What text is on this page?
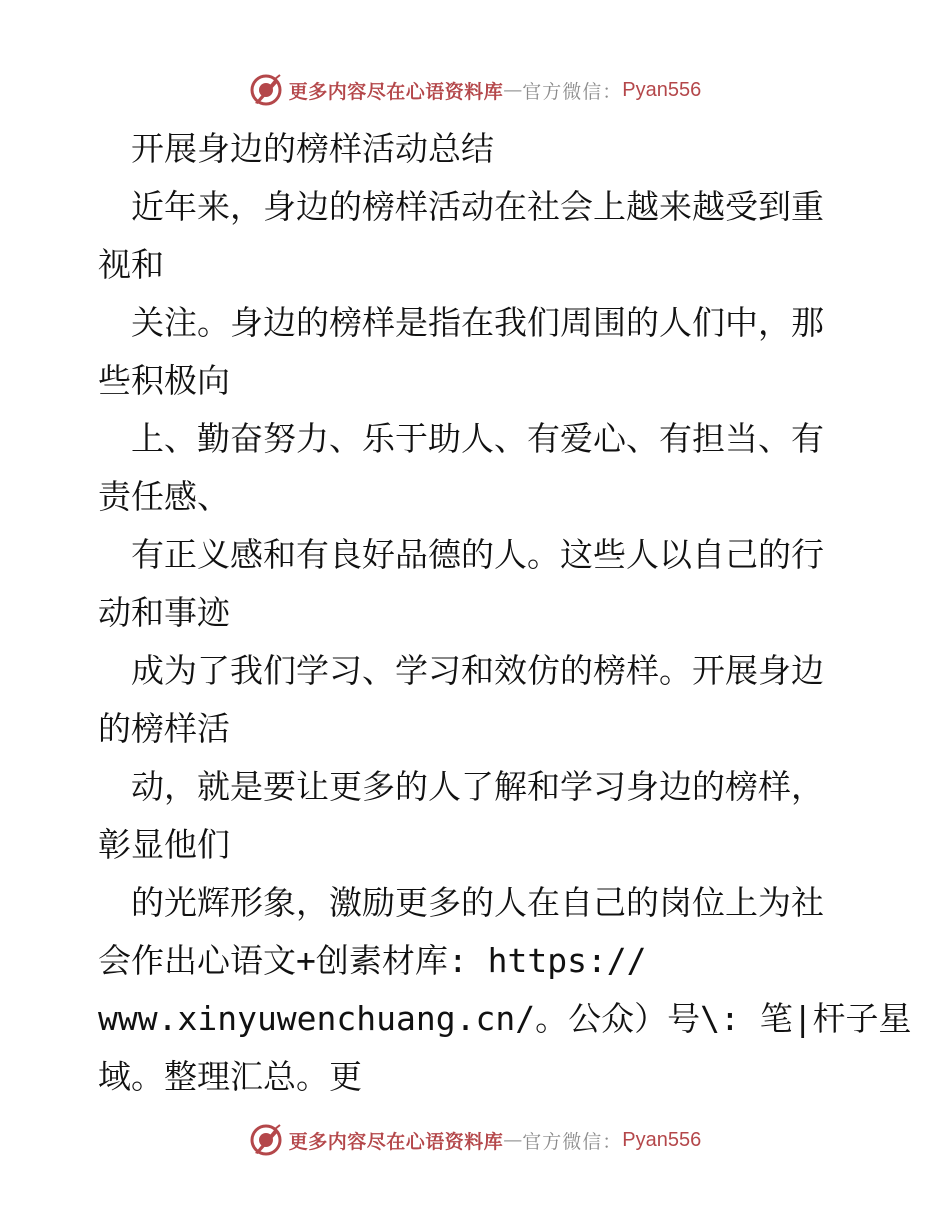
更多内容尽在心语资料库 — 官方微信： Pyan556

　开展身边的榜样活动总结

　近年来，身边的榜样活动在社会上越来越受到重

视和

　关注。身边的榜样是指在我们周围的人们中，那

些积极向

　上、勤奋努力、乐于助人、有爱心、有担当、有

责任感、

　有正义感和有良好品德的人。这些人以自己的行

动和事迹

　成为了我们学习、学习和效仿的榜样。开展身边

的榜样活

　动，就是要让更多的人了解和学习身边的榜样，

彰显他们

　的光辉形象，激励更多的人在自己的岗位上为社

会作出心语文+创素材库: https://

www.xinyuwenchuang.cn/。公众）号\: 笔|杆子星

域。整理汇总。更

更多内容尽在心语资料库 — 官方微信： Pyan556
